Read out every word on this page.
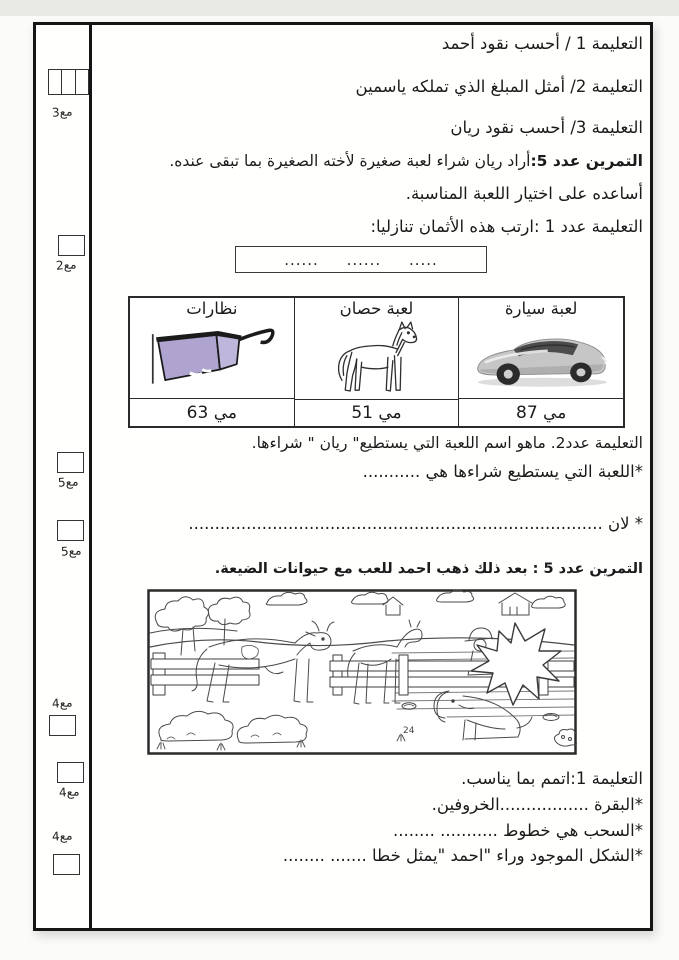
مع3
مع2
مع5
مع5
مع4
مع4
مع4
التعليمة 1 / أحسب نقود أحمد
التعليمة 2/ أمثل المبلغ الذي تملكه ياسمين
التعليمة 3/ أحسب نقود ريان
التمرين عدد 5:أراد ريان شراء لعبة صغيرة لأخته الصغيرة بما تبقى عنده.
أساعده على اختيار اللعبة المناسبة.
التعليمة عدد 1 :ارتب هذه الأثمان تنازليا:
...... ...... .....
لعبة سيارة
87 مي
لعبة حصان
51 مي
نظارات
63 مي
التعليمة عدد2. ماهو اسم اللعبة التي يستطيع" ريان " شراءها.
*اللعبة التي يستطيع شراءها هي ...........
* لان ...............................................................................
التمرين عدد 5 : بعد ذلك ذهب احمد للعب مع حيوانات الضيعة.
24
التعليمة 1:اتمم بما يناسب.
*البقرة .................الخروفين.
*السحب هي خطوط ........... ........
*الشكل الموجود وراء "احمد "يمثل خطا ....... ........
